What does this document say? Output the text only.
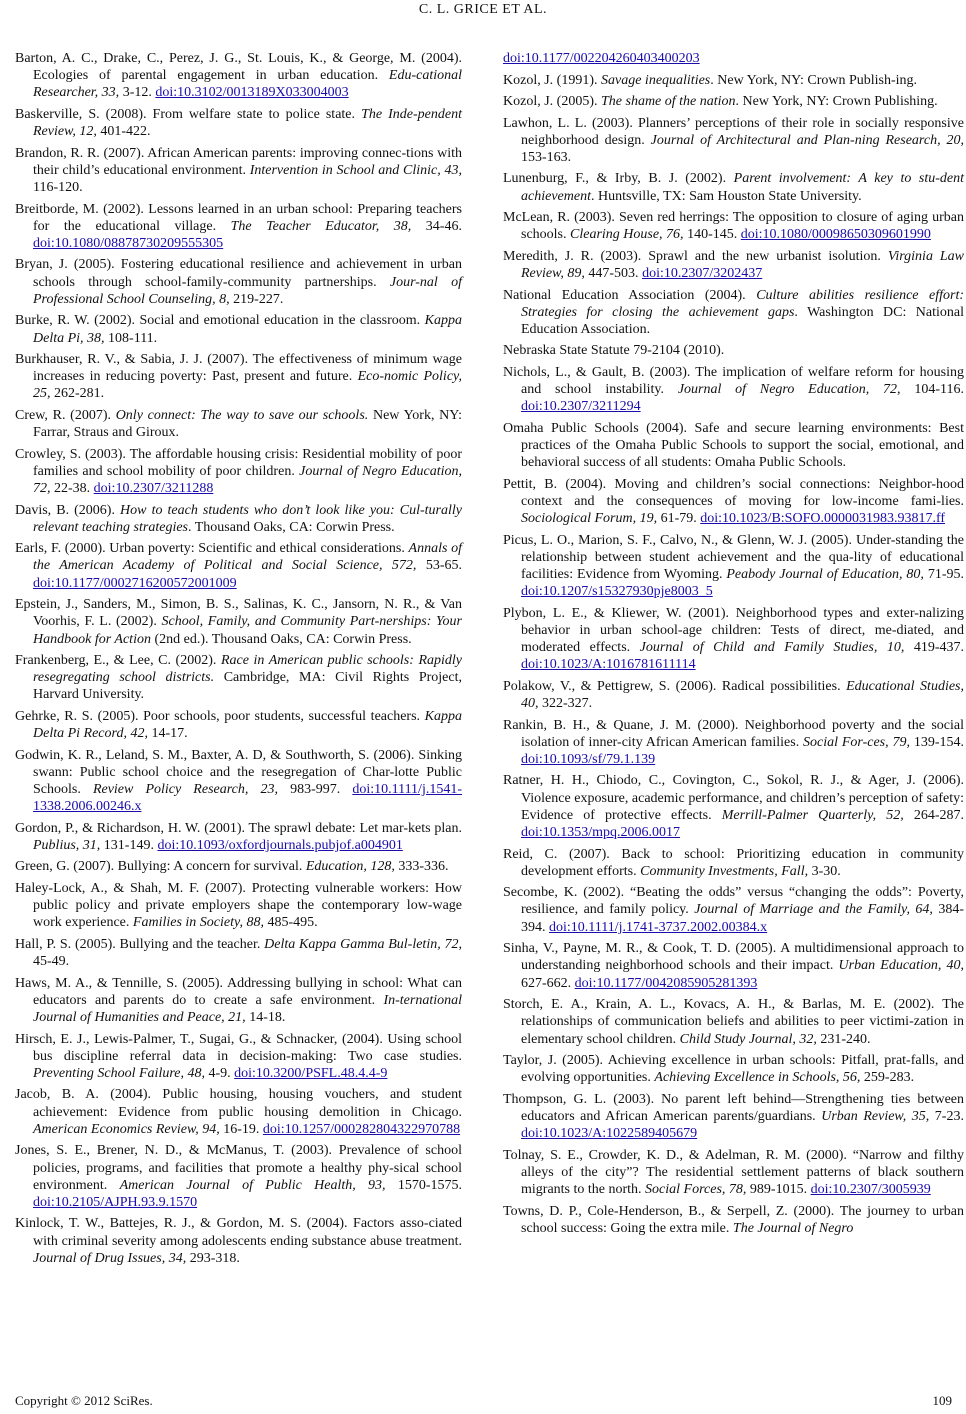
C. L. GRICE ET AL.

Barton, A. C., Drake, C., Perez, J. G., St. Louis, K., & George, M. (2004). Ecologies of parental engagement in urban education. Edu-cational Researcher, 33, 3-12. doi:10.3102/0013189X033004003

Baskerville, S. (2008). From welfare state to police state. The Inde-pendent Review, 12, 401-422.

Brandon, R. R. (2007). African American parents: improving connec-tions with their child’s educational environment. Intervention in School and Clinic, 43, 116-120.

Breitborde, M. (2002). Lessons learned in an urban school: Preparing teachers for the educational village. The Teacher Educator, 38, 34-46. doi:10.1080/08878730209555305

Bryan, J. (2005). Fostering educational resilience and achievement in urban schools through school-family-community partnerships. Jour-nal of Professional School Counseling, 8, 219-227.

Burke, R. W. (2002). Social and emotional education in the classroom. Kappa Delta Pi, 38, 108-111.

Burkhauser, R. V., & Sabia, J. J. (2007). The effectiveness of minimum wage increases in reducing poverty: Past, present and future. Eco-nomic Policy, 25, 262-281.

Crew, R. (2007). Only connect: The way to save our schools. New York, NY: Farrar, Straus and Giroux.

Crowley, S. (2003). The affordable housing crisis: Residential mobility of poor families and school mobility of poor children. Journal of Negro Education, 72, 22-38. doi:10.2307/3211288

Davis, B. (2006). How to teach students who don’t look like you: Cul-turally relevant teaching strategies. Thousand Oaks, CA: Corwin Press.

Earls, F. (2000). Urban poverty: Scientific and ethical considerations. Annals of the American Academy of Political and Social Science, 572, 53-65. doi:10.1177/0002716200572001009

Epstein, J., Sanders, M., Simon, B. S., Salinas, K. C., Jansorn, N. R., & Van Voorhis, F. L. (2002). School, Family, and Community Part-nerships: Your Handbook for Action (2nd ed.). Thousand Oaks, CA: Corwin Press.

Frankenberg, E., & Lee, C. (2002). Race in American public schools: Rapidly resegregating school districts. Cambridge, MA: Civil Rights Project, Harvard University.

Gehrke, R. S. (2005). Poor schools, poor students, successful teachers. Kappa Delta Pi Record, 42, 14-17.

Godwin, K. R., Leland, S. M., Baxter, A. D, & Southworth, S. (2006). Sinking swann: Public school choice and the resegregation of Char-lotte Public Schools. Review Policy Research, 23, 983-997. doi:10.1111/j.1541-1338.2006.00246.x

Gordon, P., & Richardson, H. W. (2001). The sprawl debate: Let mar-kets plan. Publius, 31, 131-149. doi:10.1093/oxfordjournals.pubjof.a004901

Green, G. (2007). Bullying: A concern for survival. Education, 128, 333-336.

Haley-Lock, A., & Shah, M. F. (2007). Protecting vulnerable workers: How public policy and private employers shape the contemporary low-wage work experience. Families in Society, 88, 485-495.

Hall, P. S. (2005). Bullying and the teacher. Delta Kappa Gamma Bul-letin, 72, 45-49.

Haws, M. A., & Tennille, S. (2005). Addressing bullying in school: What can educators and parents do to create a safe environment. In-ternational Journal of Humanities and Peace, 21, 14-18.

Hirsch, E. J., Lewis-Palmer, T., Sugai, G., & Schnacker, (2004). Using school bus discipline referral data in decision-making: Two case studies. Preventing School Failure, 48, 4-9. doi:10.3200/PSFL.48.4.4-9

Jacob, B. A. (2004). Public housing, housing vouchers, and student achievement: Evidence from public housing demolition in Chicago. American Economics Review, 94, 16-19. doi:10.1257/000282804322970788

Jones, S. E., Brener, N. D., & McManus, T. (2003). Prevalence of school policies, programs, and facilities that promote a healthy phy-sical school environment. American Journal of Public Health, 93, 1570-1575. doi:10.2105/AJPH.93.9.1570

Kinlock, T. W., Battejes, R. J., & Gordon, M. S. (2004). Factors asso-ciated with criminal severity among adolescents ending substance abuse treatment. Journal of Drug Issues, 34, 293-318.

doi:10.1177/002204260403400203

Kozol, J. (1991). Savage inequalities. New York, NY: Crown Publish-ing.

Kozol, J. (2005). The shame of the nation. New York, NY: Crown Publishing.

Lawhon, L. L. (2003). Planners’ perceptions of their role in socially responsive neighborhood design. Journal of Architectural and Plan-ning Research, 20, 153-163.

Lunenburg, F., & Irby, B. J. (2002). Parent involvement: A key to stu-dent achievement. Huntsville, TX: Sam Houston State University.

McLean, R. (2003). Seven red herrings: The opposition to closure of aging urban schools. Clearing House, 76, 140-145. doi:10.1080/00098650309601990

Meredith, J. R. (2003). Sprawl and the new urbanist isolution. Virginia Law Review, 89, 447-503. doi:10.2307/3202437

National Education Association (2004). Culture abilities resilience effort: Strategies for closing the achievement gaps. Washington DC: National Education Association.

Nebraska State Statute 79-2104 (2010).

Nichols, L., & Gault, B. (2003). The implication of welfare reform for housing and school instability. Journal of Negro Education, 72, 104-116. doi:10.2307/3211294

Omaha Public Schools (2004). Safe and secure learning environments: Best practices of the Omaha Public Schools to support the social, emotional, and behavioral success of all students: Omaha Public Schools.

Pettit, B. (2004). Moving and children’s social connections: Neighbor-hood context and the consequences of moving for low-income fami-lies. Sociological Forum, 19, 61-79. doi:10.1023/B:SOFO.0000031983.93817.ff

Picus, L. O., Marion, S. F., Calvo, N., & Glenn, W. J. (2005). Under-standing the relationship between student achievement and the qua-lity of educational facilities: Evidence from Wyoming. Peabody Journal of Education, 80, 71-95. doi:10.1207/s15327930pje8003_5

Plybon, L. E., & Kliewer, W. (2001). Neighborhood types and exter-nalizing behavior in urban school-age children: Tests of direct, me-diated, and moderated effects. Journal of Child and Family Studies, 10, 419-437. doi:10.1023/A:1016781611114

Polakow, V., & Pettigrew, S. (2006). Radical possibilities. Educational Studies, 40, 322-327.

Rankin, B. H., & Quane, J. M. (2000). Neighborhood poverty and the social isolation of inner-city African American families. Social For-ces, 79, 139-154. doi:10.1093/sf/79.1.139

Ratner, H. H., Chiodo, C., Covington, C., Sokol, R. J., & Ager, J. (2006). Violence exposure, academic performance, and children’s perception of safety: Evidence of protective effects. Merrill-Palmer Quarterly, 52, 264-287. doi:10.1353/mpq.2006.0017

Reid, C. (2007). Back to school: Prioritizing education in community development efforts. Community Investments, Fall, 3-30.

Secombe, K. (2002). “Beating the odds” versus “changing the odds”: Poverty, resilience, and family policy. Journal of Marriage and the Family, 64, 384-394. doi:10.1111/j.1741-3737.2002.00384.x

Sinha, V., Payne, M. R., & Cook, T. D. (2005). A multidimensional approach to understanding neighborhood schools and their impact. Urban Education, 40, 627-662. doi:10.1177/0042085905281393

Storch, E. A., Krain, A. L., Kovacs, A. H., & Barlas, M. E. (2002). The relationships of communication beliefs and abilities to peer victimi-zation in elementary school children. Child Study Journal, 32, 231-240.

Taylor, J. (2005). Achieving excellence in urban schools: Pitfall, prat-falls, and evolving opportunities. Achieving Excellence in Schools, 56, 259-283.

Thompson, G. L. (2003). No parent left behind—Strengthening ties between educators and African American parents/guardians. Urban Review, 35, 7-23. doi:10.1023/A:1022589405679

Tolnay, S. E., Crowder, K. D., & Adelman, R. M. (2000). “Narrow and filthy alleys of the city”? The residential settlement patterns of black southern migrants to the north. Social Forces, 78, 989-1015. doi:10.2307/3005939

Towns, D. P., Cole-Henderson, B., & Serpell, Z. (2000). The journey to urban school success: Going the extra mile. The Journal of Negro

Copyright © 2012 SciRes.	109
